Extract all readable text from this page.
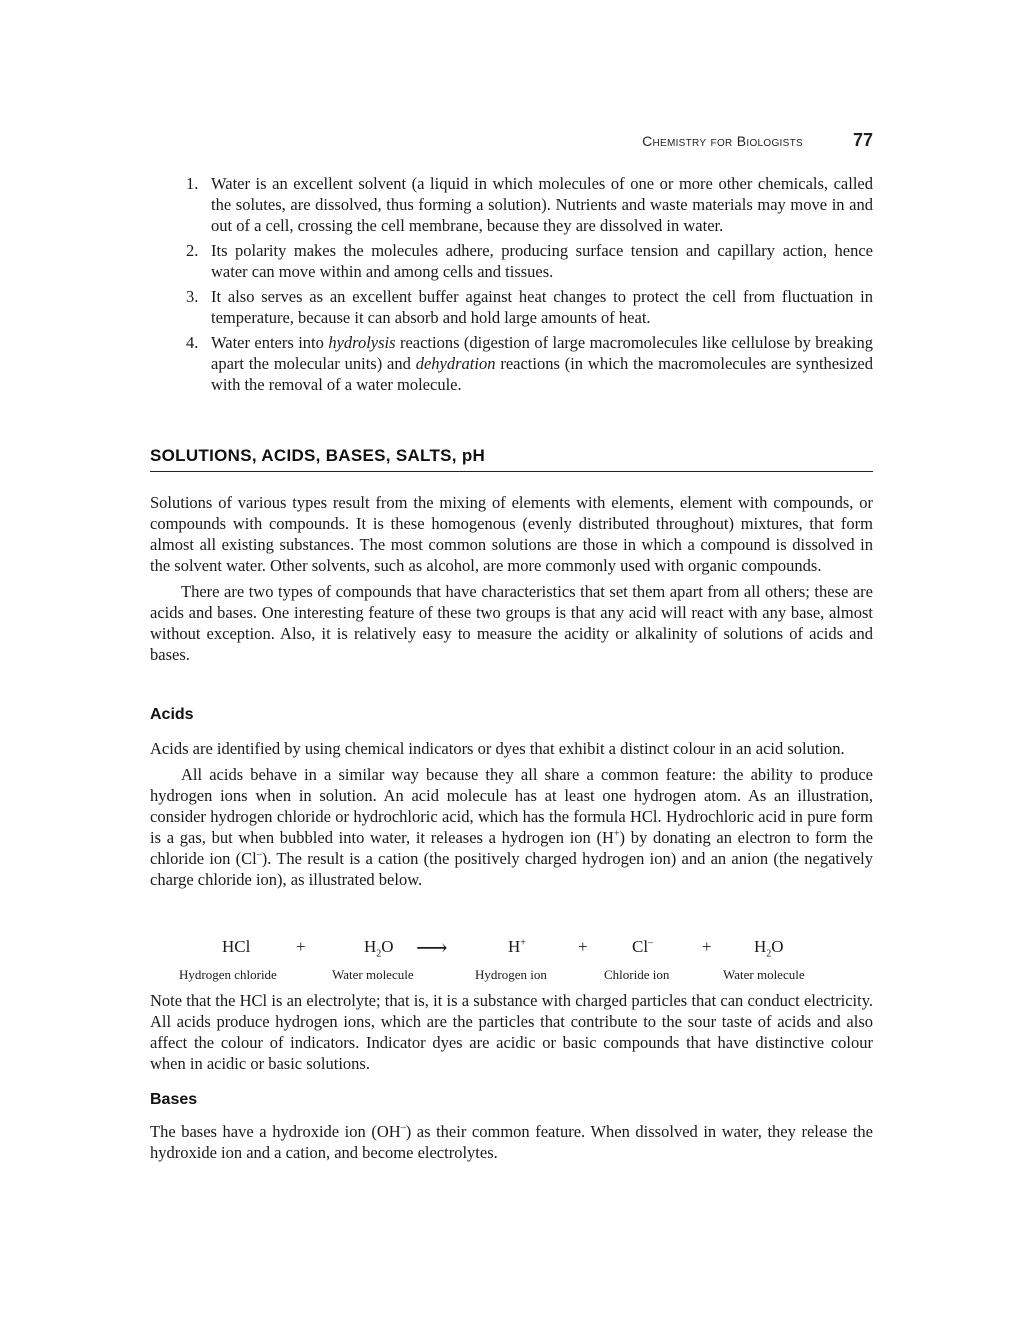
Chemistry for Biologists	77
1. Water is an excellent solvent (a liquid in which molecules of one or more other chemicals, called the solutes, are dissolved, thus forming a solution). Nutrients and waste materials may move in and out of a cell, crossing the cell membrane, because they are dissolved in water.
2. Its polarity makes the molecules adhere, producing surface tension and capillary action, hence water can move within and among cells and tissues.
3. It also serves as an excellent buffer against heat changes to protect the cell from fluctuation in temperature, because it can absorb and hold large amounts of heat.
4. Water enters into hydrolysis reactions (digestion of large macromolecules like cellulose by breaking apart the molecular units) and dehydration reactions (in which the macromolecules are synthesized with the removal of a water molecule.
SOLUTIONS, ACIDS, BASES, SALTS, pH

Solutions of various types result from the mixing of elements with elements, element with compounds, or compounds with compounds. It is these homogenous (evenly distributed throughout) mixtures, that form almost all existing substances. The most common solutions are those in which a compound is dissolved in the solvent water. Other solvents, such as alcohol, are more commonly used with organic compounds.

There are two types of compounds that have characteristics that set them apart from all others; these are acids and bases. One interesting feature of these two groups is that any acid will react with any base, almost without exception. Also, it is relatively easy to measure the acidity or alkalinity of solutions of acids and bases.

Acids

Acids are identified by using chemical indicators or dyes that exhibit a distinct colour in an acid solution.

All acids behave in a similar way because they all share a common feature: the ability to produce hydrogen ions when in solution. An acid molecule has at least one hydrogen atom. As an illustration, consider hydrogen chloride or hydrochloric acid, which has the formula HCl. Hydrochloric acid in pure form is a gas, but when bubbled into water, it releases a hydrogen ion (H+) by donating an electron to form the chloride ion (Cl–). The result is a cation (the positively charged hydrogen ion) and an anion (the negatively charge chloride ion), as illustrated below.

HCl	+	$H_2O$ ⟶	H+	+	Cl–	+ $H_2O$
Hydrogen chloride	Water molecule	Hydrogen ion	Chloride ion	Water molecule

Note that the HCl is an electrolyte; that is, it is a substance with charged particles that can conduct electricity. All acids produce hydrogen ions, which are the particles that contribute to the sour taste of acids and also affect the colour of indicators. Indicator dyes are acidic or basic compounds that have distinctive colour when in acidic or basic solutions.

Bases

The bases have a hydroxide ion (OH–) as their common feature. When dissolved in water, they release the hydroxide ion and a cation, and become electrolytes.
